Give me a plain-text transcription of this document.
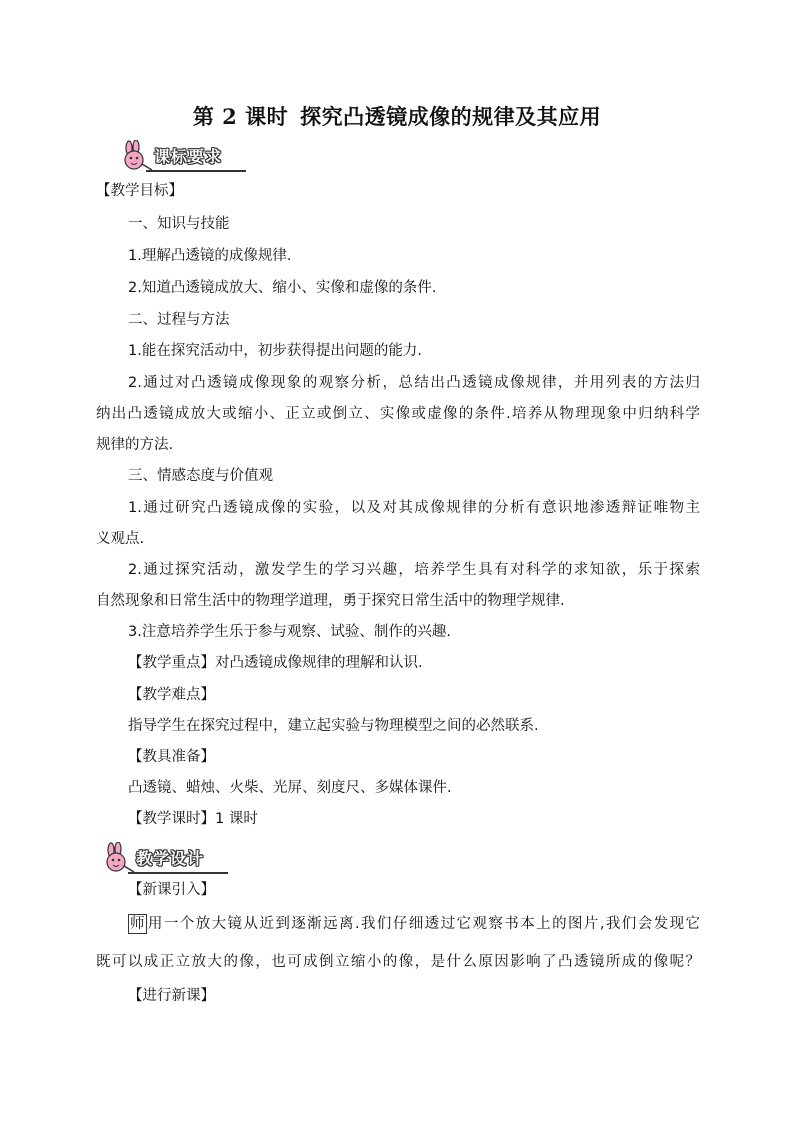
第 2 课时 探究凸透镜成像的规律及其应用
课标要求
【教学目标】
一、知识与技能
1.理解凸透镜的成像规律.
2.知道凸透镜成放大、缩小、实像和虚像的条件.
二、过程与方法
1.能在探究活动中，初步获得提出问题的能力.
2.通过对凸透镜成像现象的观察分析，总结出凸透镜成像规律，并用列表的方法归
纳出凸透镜成放大或缩小、正立或倒立、实像或虚像的条件.培养从物理现象中归纳科学
规律的方法.
三、情感态度与价值观
1.通过研究凸透镜成像的实验，以及对其成像规律的分析有意识地渗透辩证唯物主
义观点.
2.通过探究活动，激发学生的学习兴趣，培养学生具有对科学的求知欲，乐于探索
自然现象和日常生活中的物理学道理，勇于探究日常生活中的物理学规律.
3.注意培养学生乐于参与观察、试验、制作的兴趣.
【教学重点】对凸透镜成像规律的理解和认识.
【教学难点】
指导学生在探究过程中，建立起实验与物理模型之间的必然联系.
【教具准备】
凸透镜、蜡烛、火柴、光屏、刻度尺、多媒体课件.
【教学课时】1 课时
教学设计
【新课引入】
师 用一个放大镜从近到逐渐远离.我们仔细透过它观察书本上的图片,我们会发现它
既可以成正立放大的像，也可成倒立缩小的像，是什么原因影响了凸透镜所成的像呢？
【进行新课】
